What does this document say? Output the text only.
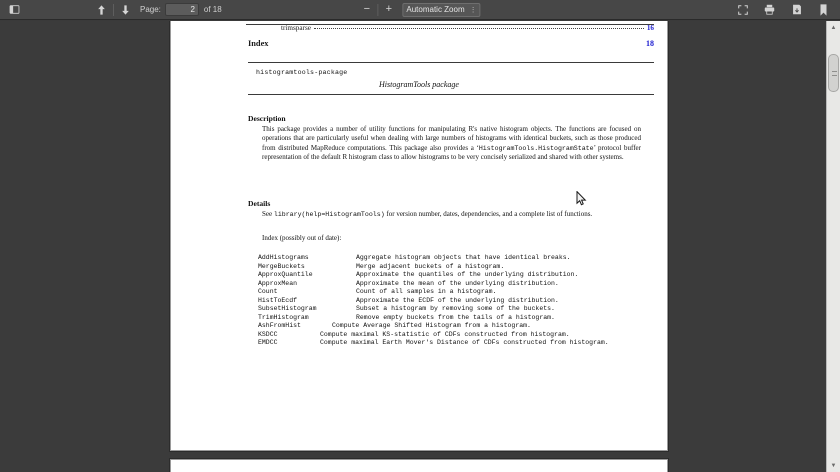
Page:
2	of 18	−	+	Automatic Zoom ⋮
trimsparse	16
Index	18
histogramtools-package
HistogramTools package
Description
This package provides a number of utility functions for manipulating R's native histogram objects. The functions are focused on operations that are particularly useful when dealing with large numbers of histograms with identical buckets, such as those produced from distributed MapReduce computations. This package also provides a ‘HistogramTools.HistogramState’ protocol buffer representation of the default R histogram class to allow histograms to be very concisely serialized and shared with other systems.
Details
See library(help=HistogramTools) for version number, dates, dependencies, and a complete list of functions.
Index (possibly out of date):
AddHistograms	Aggregate histogram objects that have identical breaks.
MergeBuckets	Merge adjacent buckets of a histogram.
ApproxQuantile	Approximate the quantiles of the underlying distribution.
ApproxMean	Approximate the mean of the underlying distribution.
Count	Count of all samples in a histogram.
HistToEcdf	Approximate the ECDF of the underlying distribution.
SubsetHistogram	Subset a histogram by removing some of the buckets.
TrimHistogram	Remove empty buckets from the tails of a histogram.
AshFromHist	Compute Average Shifted Histogram from a histogram.
KSDCC	Compute maximal KS-statistic of CDFs constructed from histogram.
EMDCC	Compute maximal Earth Mover's Distance of CDFs constructed from histogram.
▲
▼
